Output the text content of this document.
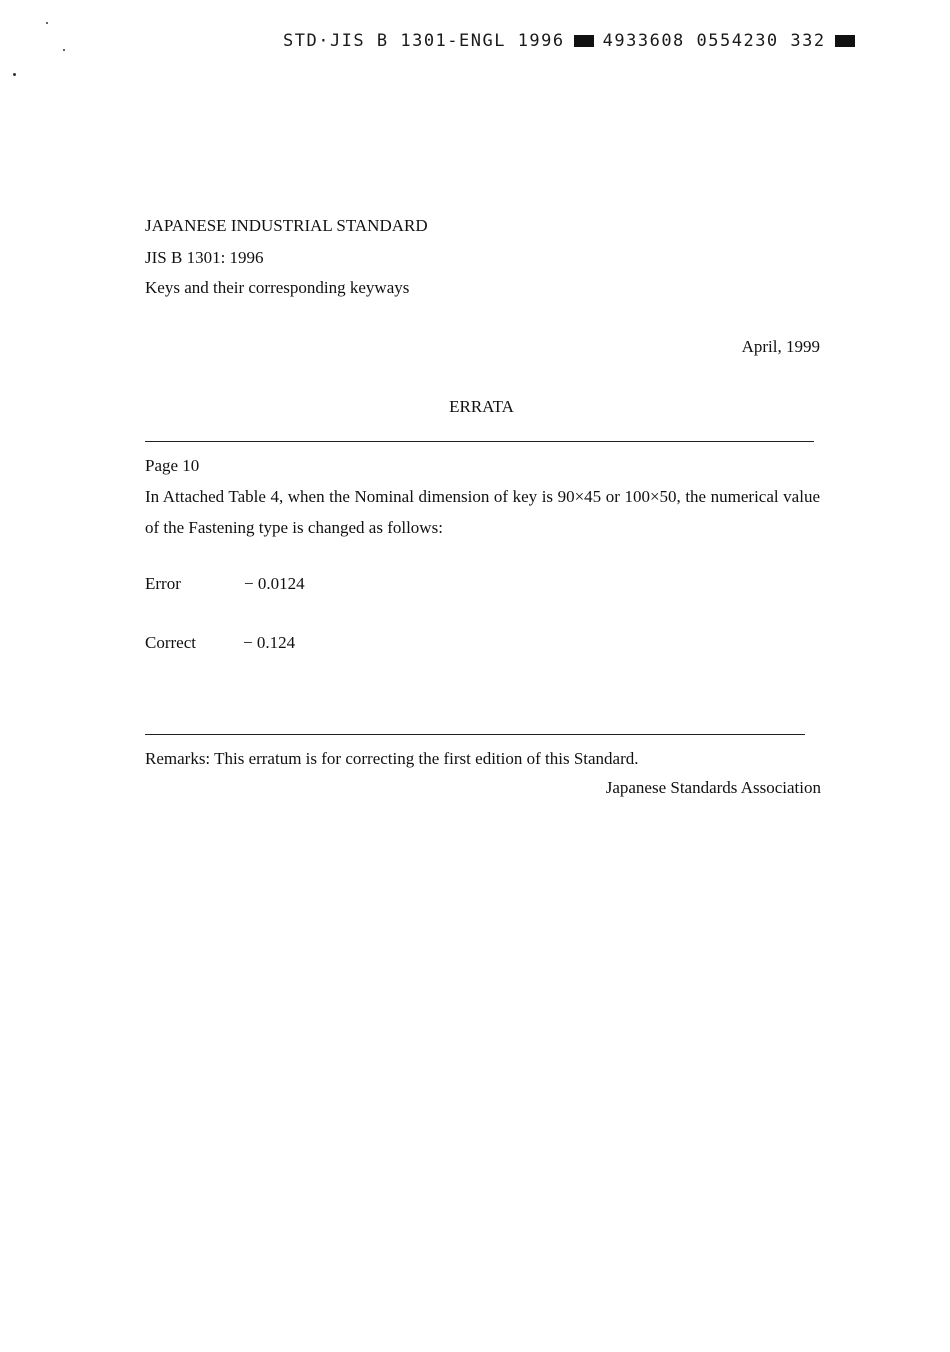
STD·JIS B 1301-ENGL 1996 4933608 0554230 332
JAPANESE INDUSTRIAL STANDARD
JIS B 1301: 1996
Keys and their corresponding keyways
April, 1999
ERRATA
Page 10
In Attached Table 4, when the Nominal dimension of key is 90×45 or 100×50, the numerical value of the Fastening type is changed as follows:
Error	− 0.0124
Correct	− 0.124
Remarks: This erratum is for correcting the first edition of this Standard.
Japanese Standards Association
